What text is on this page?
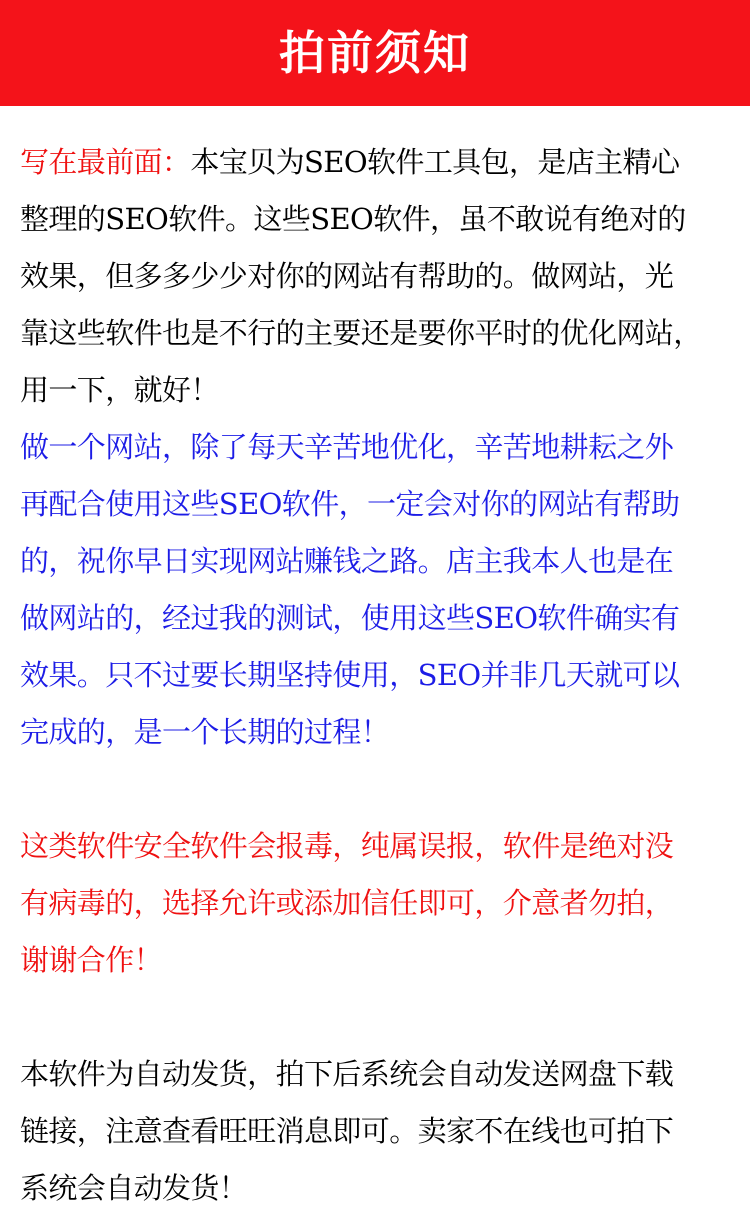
拍前须知

写在最前面：本宝贝为SEO软件工具包，是店主精心
整理的SEO软件。这些SEO软件，虽不敢说有绝对的
效果，但多多少少对你的网站有帮助的。做网站，光
靠这些软件也是不行的主要还是要你平时的优化网站，
用一下，就好！

做一个网站，除了每天辛苦地优化，辛苦地耕耘之外
再配合使用这些SEO软件，一定会对你的网站有帮助
的，祝你早日实现网站赚钱之路。店主我本人也是在
做网站的，经过我的测试，使用这些SEO软件确实有
效果。只不过要长期坚持使用，SEO并非几天就可以
完成的，是一个长期的过程！

这类软件安全软件会报毒，纯属误报，软件是绝对没
有病毒的，选择允许或添加信任即可，介意者勿拍，
谢谢合作！

本软件为自动发货，拍下后系统会自动发送网盘下载
链接，注意查看旺旺消息即可。卖家不在线也可拍下
系统会自动发货！
